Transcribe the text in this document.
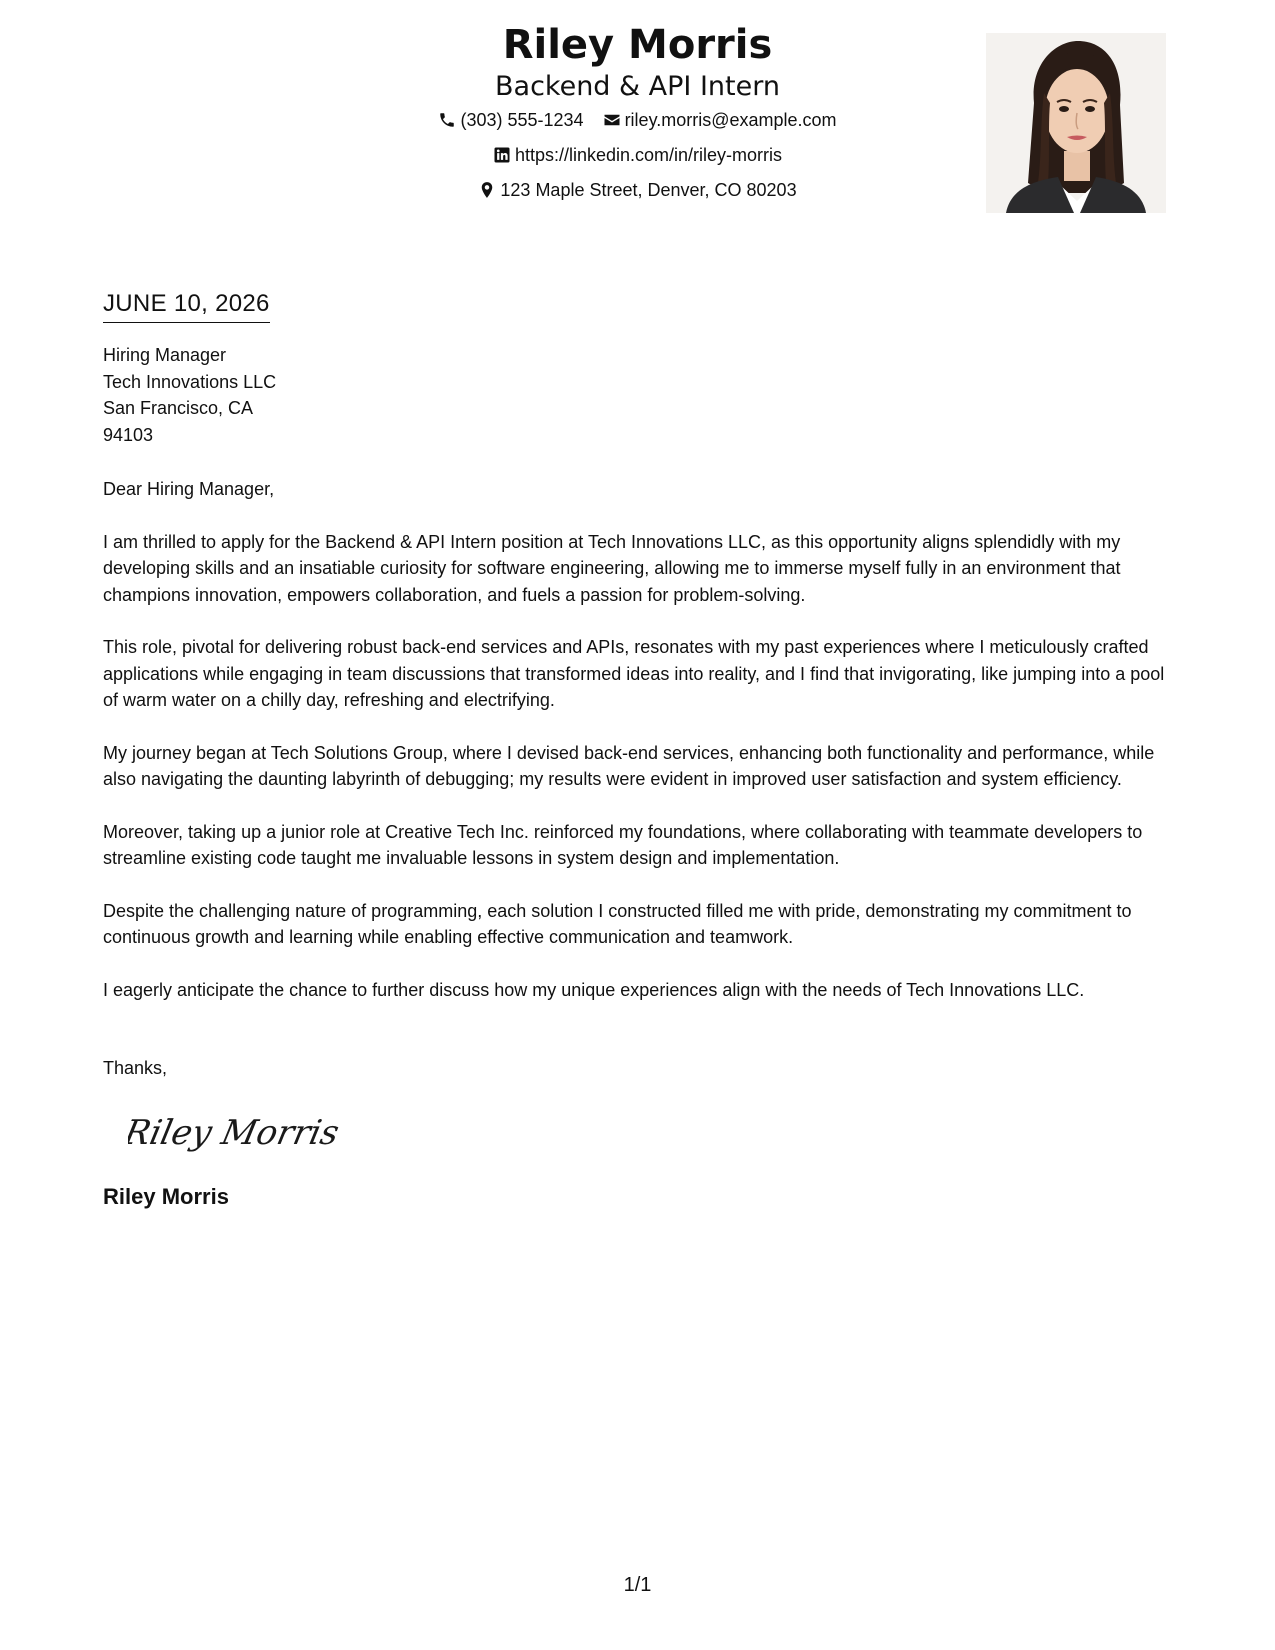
Riley Morris
Backend & API Intern
(303) 555-1234
riley.morris@example.com
https://linkedin.com/in/riley-morris
123 Maple Street, Denver, CO 80203
JUNE 10, 2026
Hiring Manager
Tech Innovations LLC
San Francisco, CA
94103
Dear Hiring Manager,

I am thrilled to apply for the Backend & API Intern position at Tech Innovations LLC, as this opportunity aligns splendidly with my developing skills and an insatiable curiosity for software engineering, allowing me to immerse myself fully in an environment that champions innovation, empowers collaboration, and fuels a passion for problem-solving.

This role, pivotal for delivering robust back-end services and APIs, resonates with my past experiences where I meticulously crafted applications while engaging in team discussions that transformed ideas into reality, and I find that invigorating, like jumping into a pool of warm water on a chilly day, refreshing and electrifying.

My journey began at Tech Solutions Group, where I devised back-end services, enhancing both functionality and performance, while also navigating the daunting labyrinth of debugging; my results were evident in improved user satisfaction and system efficiency.

Moreover, taking up a junior role at Creative Tech Inc. reinforced my foundations, where collaborating with teammate developers to streamline existing code taught me invaluable lessons in system design and implementation.

Despite the challenging nature of programming, each solution I constructed filled me with pride, demonstrating my commitment to continuous growth and learning while enabling effective communication and teamwork.

I eagerly anticipate the chance to further discuss how my unique experiences align with the needs of Tech Innovations LLC.

Thanks,
Riley Morris
Riley Morris
1/1
